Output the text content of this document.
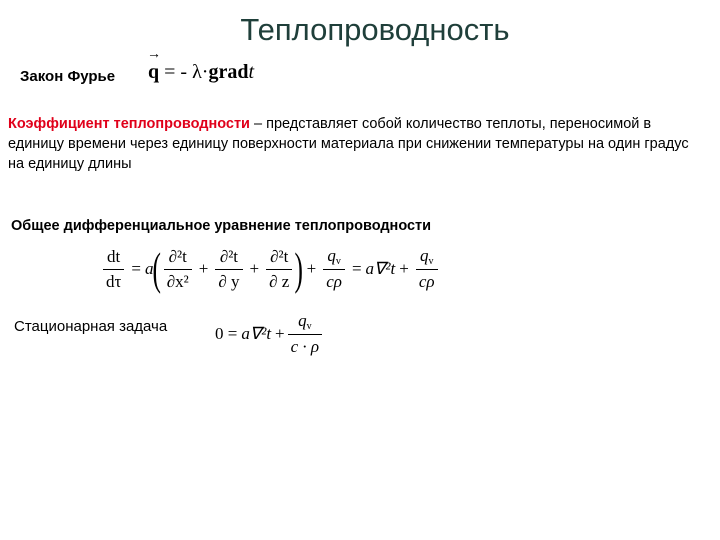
Теплопроводность
Закон Фурье
→
q = - λ·gradt
Коэффициент теплопроводности – представляет собой количество теплоты, переносимой в единицу времени через единицу поверхности материала при снижении температуры на один градус на единицу длины
Общее дифференциальное уравнение теплопроводности
$\frac{dt}{d\tau} = a$ ( $\frac{\text{∂²t}}{\text{∂x²}} + \frac{\text{∂²t}}{\partial y} + \frac{\text{∂²t}}{\partial z}$ ) + $\frac{q_v}{c\rho} = a\nabla^2t + \frac{q_v}{c\rho}$
Стационарная задача	$0 = a\nabla^2t + \frac{q_v}{c \cdot \rho}$
